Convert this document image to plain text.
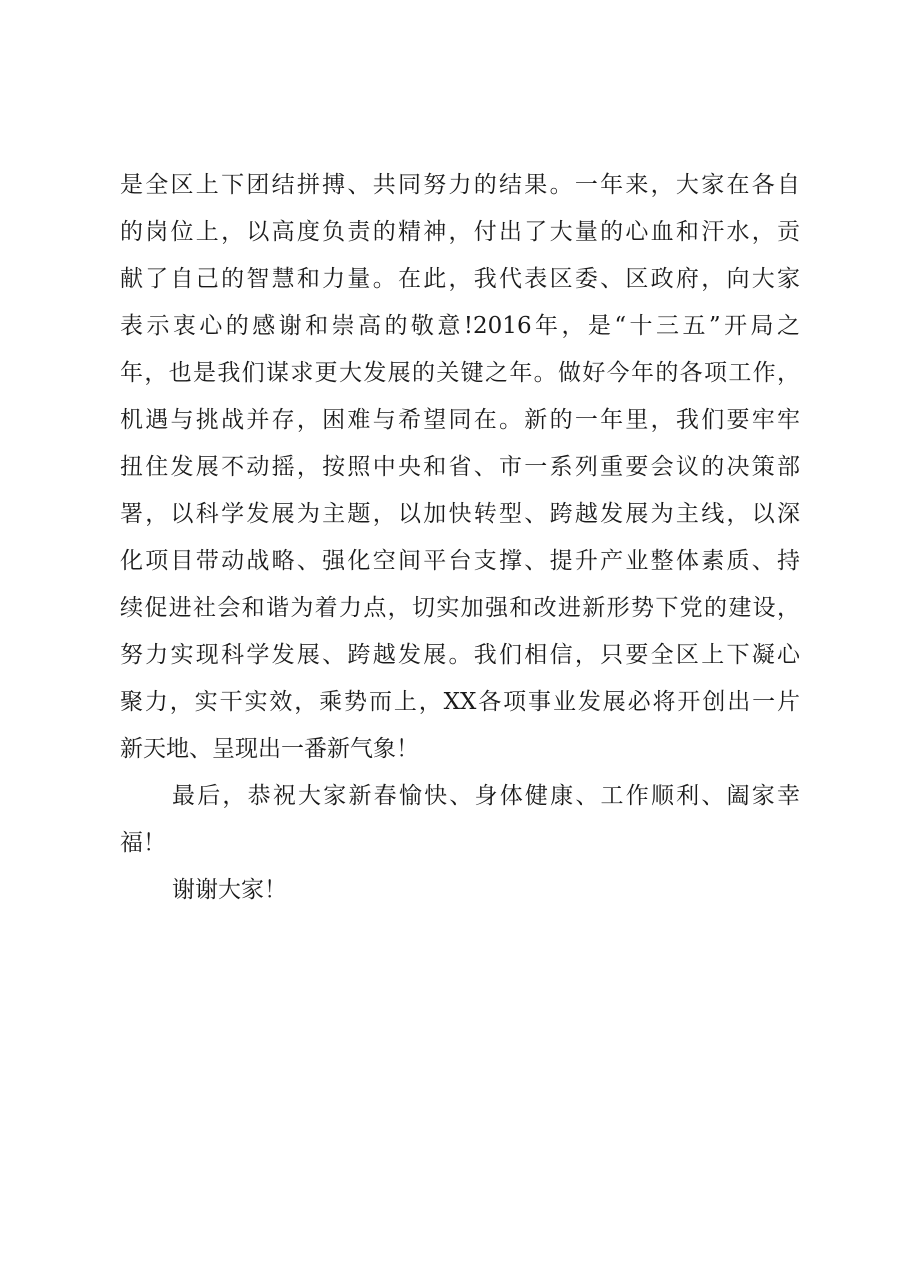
是全区上下团结拼搏、共同努力的结果。一年来，大家在各自
的岗位上，以高度负责的精神，付出了大量的心血和汗水，贡
献了自己的智慧和力量。在此，我代表区委、区政府，向大家
表示衷心的感谢和崇高的敬意!2016年，是“十三五”开局之
年，也是我们谋求更大发展的关键之年。做好今年的各项工作，
机遇与挑战并存，困难与希望同在。新的一年里，我们要牢牢
扭住发展不动摇，按照中央和省、市一系列重要会议的决策部
署，以科学发展为主题，以加快转型、跨越发展为主线，以深
化项目带动战略、强化空间平台支撑、提升产业整体素质、持
续促进社会和谐为着力点，切实加强和改进新形势下党的建设，
努力实现科学发展、跨越发展。我们相信，只要全区上下凝心
聚力，实干实效，乘势而上，XX各项事业发展必将开创出一片
新天地、呈现出一番新气象！
最后，恭祝大家新春愉快、身体健康、工作顺利、阖家幸
福！
谢谢大家！
